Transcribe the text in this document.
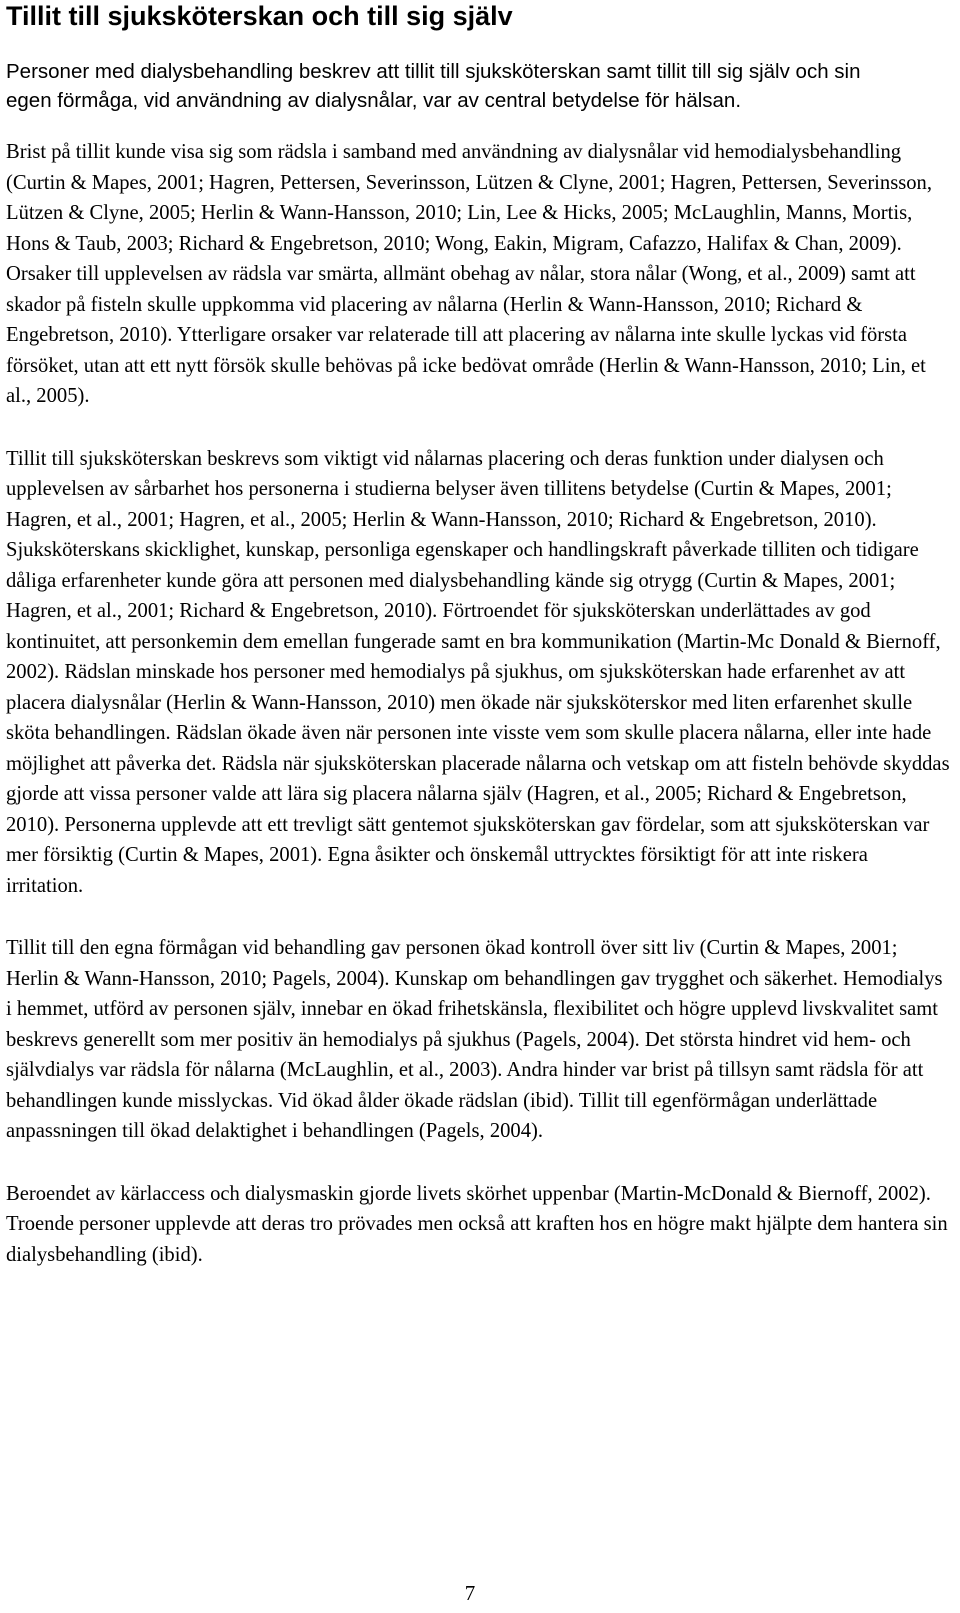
Tillit till sjuksköterskan och till sig själv

Personer med dialysbehandling beskrev att tillit till sjuksköterskan samt tillit till sig själv och sin egen förmåga, vid användning av dialysnålar, var av central betydelse för hälsan.

Brist på tillit kunde visa sig som rädsla i samband med användning av dialysnålar vid hemodialysbehandling (Curtin & Mapes, 2001; Hagren, Pettersen, Severinsson, Lützen & Clyne, 2001; Hagren, Pettersen, Severinsson, Lützen & Clyne, 2005; Herlin & Wann-Hansson, 2010; Lin, Lee & Hicks, 2005; McLaughlin, Manns, Mortis, Hons & Taub, 2003; Richard & Engebretson, 2010; Wong, Eakin, Migram, Cafazzo, Halifax & Chan, 2009). Orsaker till upplevelsen av rädsla var smärta, allmänt obehag av nålar, stora nålar (Wong, et al., 2009) samt att skador på fisteln skulle uppkomma vid placering av nålarna (Herlin & Wann-Hansson, 2010; Richard & Engebretson, 2010). Ytterligare orsaker var relaterade till att placering av nålarna inte skulle lyckas vid första försöket, utan att ett nytt försök skulle behövas på icke bedövat område (Herlin & Wann-Hansson, 2010; Lin, et al., 2005).

Tillit till sjuksköterskan beskrevs som viktigt vid nålarnas placering och deras funktion under dialysen och upplevelsen av sårbarhet hos personerna i studierna belyser även tillitens betydelse (Curtin & Mapes, 2001; Hagren, et al., 2001; Hagren, et al., 2005; Herlin & Wann-Hansson, 2010; Richard & Engebretson, 2010). Sjuksköterskans skicklighet, kunskap, personliga egenskaper och handlingskraft påverkade tilliten och tidigare dåliga erfarenheter kunde göra att personen med dialysbehandling kände sig otrygg (Curtin & Mapes, 2001; Hagren, et al., 2001; Richard & Engebretson, 2010). Förtroendet för sjuksköterskan underlättades av god kontinuitet, att personkemin dem emellan fungerade samt en bra kommunikation (Martin-Mc Donald & Biernoff, 2002). Rädslan minskade hos personer med hemodialys på sjukhus, om sjuksköterskan hade erfarenhet av att placera dialysnålar (Herlin & Wann-Hansson, 2010) men ökade när sjuksköterskor med liten erfarenhet skulle sköta behandlingen. Rädslan ökade även när personen inte visste vem som skulle placera nålarna, eller inte hade möjlighet att påverka det. Rädsla när sjuksköterskan placerade nålarna och vetskap om att fisteln behövde skyddas gjorde att vissa personer valde att lära sig placera nålarna själv (Hagren, et al., 2005; Richard & Engebretson, 2010). Personerna upplevde att ett trevligt sätt gentemot sjuksköterskan gav fördelar, som att sjuksköterskan var mer försiktig (Curtin & Mapes, 2001). Egna åsikter och önskemål uttrycktes försiktigt för att inte riskera irritation.

Tillit till den egna förmågan vid behandling gav personen ökad kontroll över sitt liv (Curtin & Mapes, 2001; Herlin & Wann-Hansson, 2010; Pagels, 2004). Kunskap om behandlingen gav trygghet och säkerhet. Hemodialys i hemmet, utförd av personen själv, innebar en ökad frihetskänsla, flexibilitet och högre upplevd livskvalitet samt beskrevs generellt som mer positiv än hemodialys på sjukhus (Pagels, 2004). Det största hindret vid hem- och självdialys var rädsla för nålarna (McLaughlin, et al., 2003). Andra hinder var brist på tillsyn samt rädsla för att behandlingen kunde misslyckas. Vid ökad ålder ökade rädslan (ibid). Tillit till egenförmågan underlättade anpassningen till ökad delaktighet i behandlingen (Pagels, 2004).

Beroendet av kärlaccess och dialysmaskin gjorde livets skörhet uppenbar (Martin-McDonald & Biernoff, 2002). Troende personer upplevde att deras tro prövades men också att kraften hos en högre makt hjälpte dem hantera sin dialysbehandling (ibid).

7
